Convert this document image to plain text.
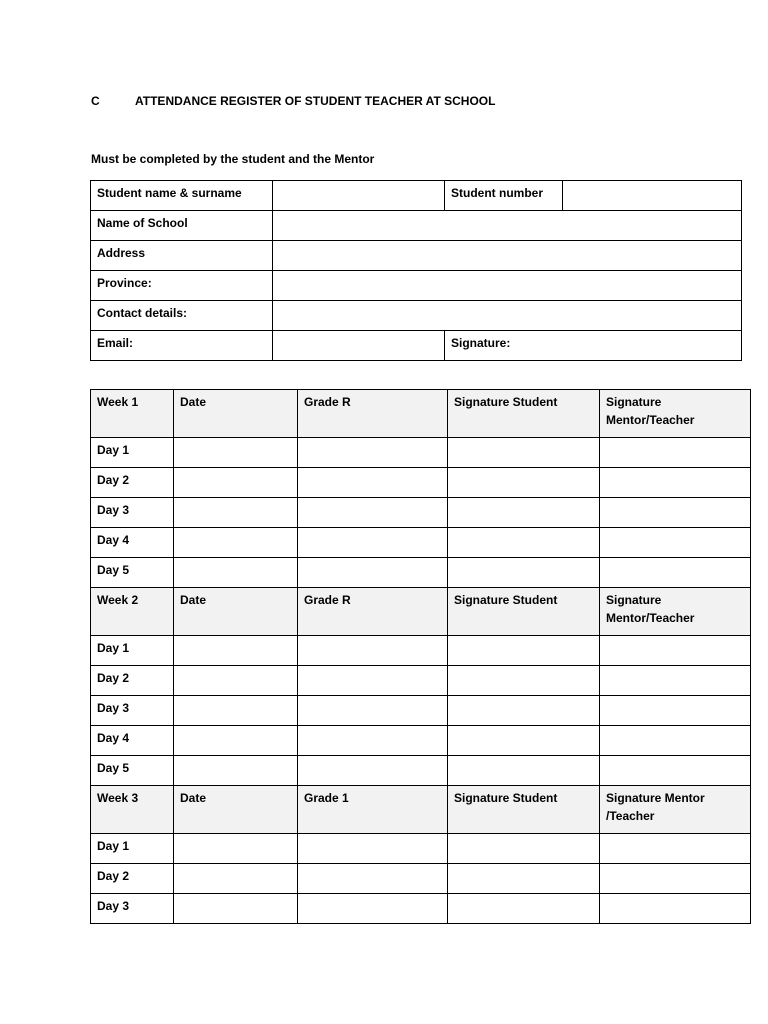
C	ATTENDANCE REGISTER OF STUDENT TEACHER AT SCHOOL
Must be completed by the student and the Mentor
Student name & surname		Student number	
Name of School			
Address			
Province:			
Contact details:			
Email:		Signature:	
Week 1	Date	Grade R	Signature Student	Signature Mentor/Teacher
Day 1				
Day 2				
Day 3				
Day 4				
Day 5				
Week 2	Date	Grade R	Signature Student	Signature Mentor/Teacher
Day 1				
Day 2				
Day 3				
Day 4				
Day 5				
Week 3	Date	Grade 1	Signature Student	Signature Mentor /Teacher
Day 1				
Day 2				
Day 3				
